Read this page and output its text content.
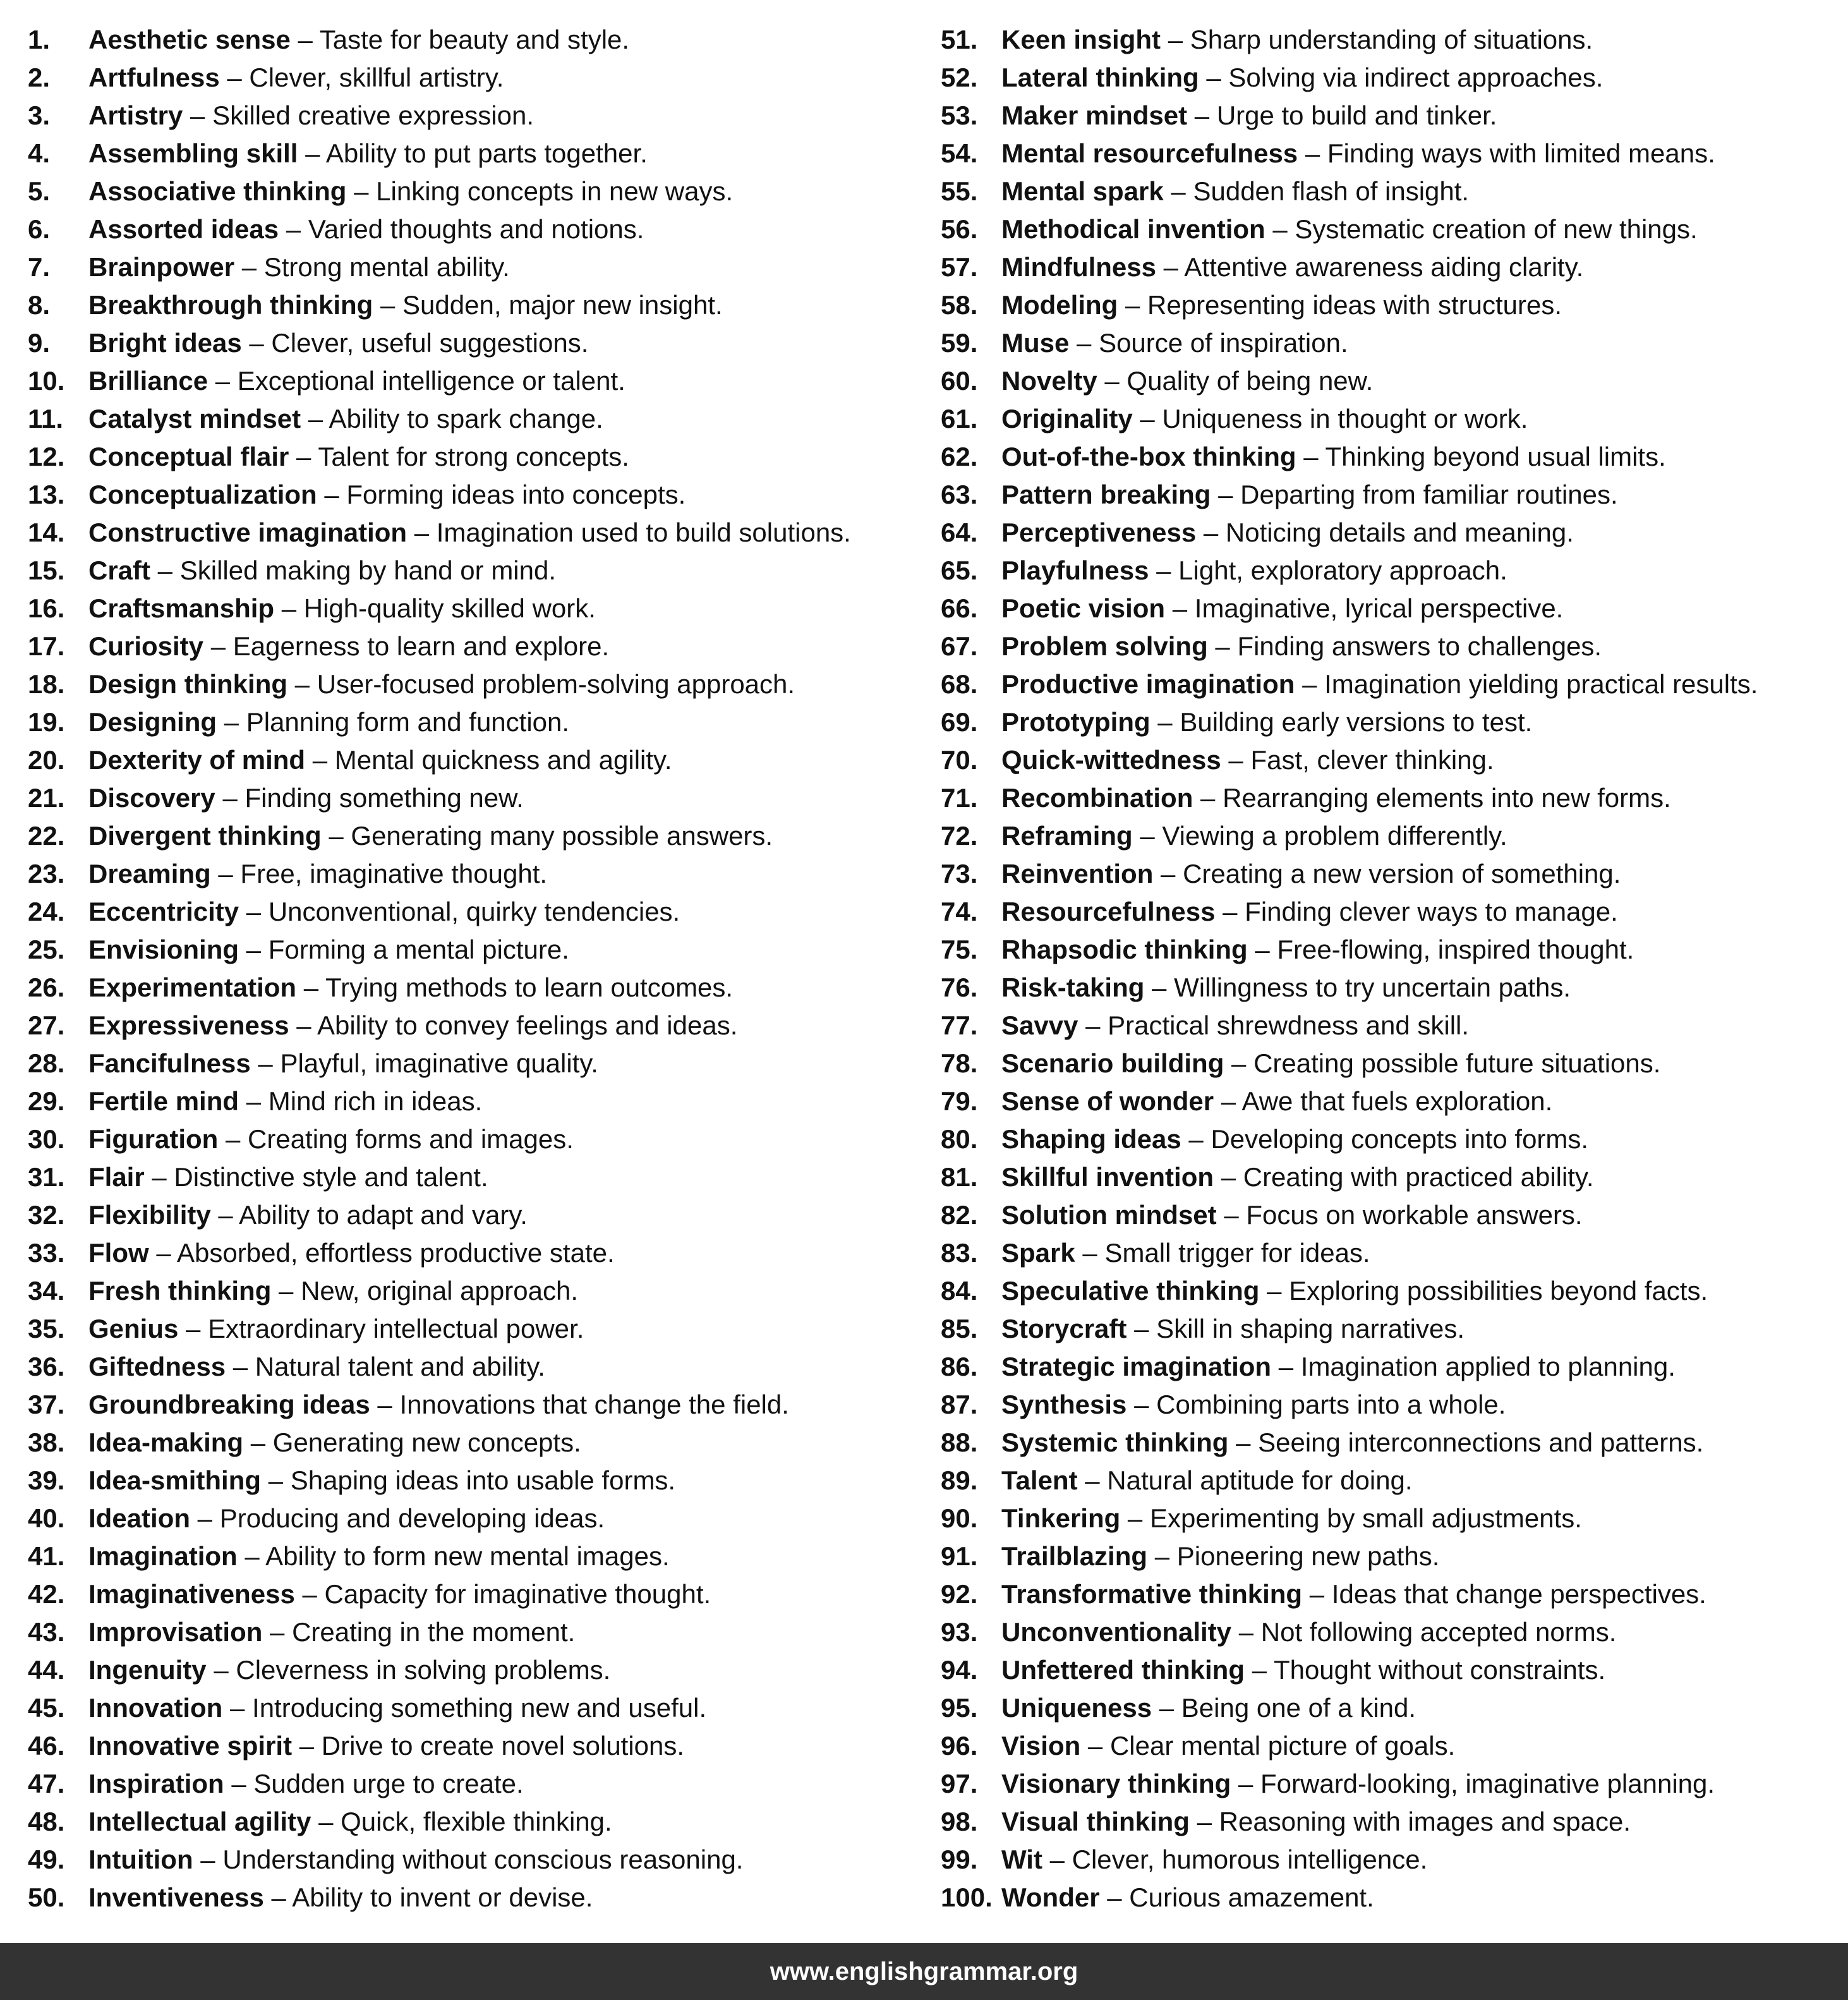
1. Aesthetic sense – Taste for beauty and style.
2. Artfulness – Clever, skillful artistry.
3. Artistry – Skilled creative expression.
4. Assembling skill – Ability to put parts together.
5. Associative thinking – Linking concepts in new ways.
6. Assorted ideas – Varied thoughts and notions.
7. Brainpower – Strong mental ability.
8. Breakthrough thinking – Sudden, major new insight.
9. Bright ideas – Clever, useful suggestions.
10. Brilliance – Exceptional intelligence or talent.
11. Catalyst mindset – Ability to spark change.
12. Conceptual flair – Talent for strong concepts.
13. Conceptualization – Forming ideas into concepts.
14. Constructive imagination – Imagination used to build solutions.
15. Craft – Skilled making by hand or mind.
16. Craftsmanship – High-quality skilled work.
17. Curiosity – Eagerness to learn and explore.
18. Design thinking – User-focused problem-solving approach.
19. Designing – Planning form and function.
20. Dexterity of mind – Mental quickness and agility.
21. Discovery – Finding something new.
22. Divergent thinking – Generating many possible answers.
23. Dreaming – Free, imaginative thought.
24. Eccentricity – Unconventional, quirky tendencies.
25. Envisioning – Forming a mental picture.
26. Experimentation – Trying methods to learn outcomes.
27. Expressiveness – Ability to convey feelings and ideas.
28. Fancifulness – Playful, imaginative quality.
29. Fertile mind – Mind rich in ideas.
30. Figuration – Creating forms and images.
31. Flair – Distinctive style and talent.
32. Flexibility – Ability to adapt and vary.
33. Flow – Absorbed, effortless productive state.
34. Fresh thinking – New, original approach.
35. Genius – Extraordinary intellectual power.
36. Giftedness – Natural talent and ability.
37. Groundbreaking ideas – Innovations that change the field.
38. Idea-making – Generating new concepts.
39. Idea-smithing – Shaping ideas into usable forms.
40. Ideation – Producing and developing ideas.
41. Imagination – Ability to form new mental images.
42. Imaginativeness – Capacity for imaginative thought.
43. Improvisation – Creating in the moment.
44. Ingenuity – Cleverness in solving problems.
45. Innovation – Introducing something new and useful.
46. Innovative spirit – Drive to create novel solutions.
47. Inspiration – Sudden urge to create.
48. Intellectual agility – Quick, flexible thinking.
49. Intuition – Understanding without conscious reasoning.
50. Inventiveness – Ability to invent or devise.
51. Keen insight – Sharp understanding of situations.
52. Lateral thinking – Solving via indirect approaches.
53. Maker mindset – Urge to build and tinker.
54. Mental resourcefulness – Finding ways with limited means.
55. Mental spark – Sudden flash of insight.
56. Methodical invention – Systematic creation of new things.
57. Mindfulness – Attentive awareness aiding clarity.
58. Modeling – Representing ideas with structures.
59. Muse – Source of inspiration.
60. Novelty – Quality of being new.
61. Originality – Uniqueness in thought or work.
62. Out-of-the-box thinking – Thinking beyond usual limits.
63. Pattern breaking – Departing from familiar routines.
64. Perceptiveness – Noticing details and meaning.
65. Playfulness – Light, exploratory approach.
66. Poetic vision – Imaginative, lyrical perspective.
67. Problem solving – Finding answers to challenges.
68. Productive imagination – Imagination yielding practical results.
69. Prototyping – Building early versions to test.
70. Quick-wittedness – Fast, clever thinking.
71. Recombination – Rearranging elements into new forms.
72. Reframing – Viewing a problem differently.
73. Reinvention – Creating a new version of something.
74. Resourcefulness – Finding clever ways to manage.
75. Rhapsodic thinking – Free-flowing, inspired thought.
76. Risk-taking – Willingness to try uncertain paths.
77. Savvy – Practical shrewdness and skill.
78. Scenario building – Creating possible future situations.
79. Sense of wonder – Awe that fuels exploration.
80. Shaping ideas – Developing concepts into forms.
81. Skillful invention – Creating with practiced ability.
82. Solution mindset – Focus on workable answers.
83. Spark – Small trigger for ideas.
84. Speculative thinking – Exploring possibilities beyond facts.
85. Storycraft – Skill in shaping narratives.
86. Strategic imagination – Imagination applied to planning.
87. Synthesis – Combining parts into a whole.
88. Systemic thinking – Seeing interconnections and patterns.
89. Talent – Natural aptitude for doing.
90. Tinkering – Experimenting by small adjustments.
91. Trailblazing – Pioneering new paths.
92. Transformative thinking – Ideas that change perspectives.
93. Unconventionality – Not following accepted norms.
94. Unfettered thinking – Thought without constraints.
95. Uniqueness – Being one of a kind.
96. Vision – Clear mental picture of goals.
97. Visionary thinking – Forward-looking, imaginative planning.
98. Visual thinking – Reasoning with images and space.
99. Wit – Clever, humorous intelligence.
100. Wonder – Curious amazement.
www.englishgrammar.org
